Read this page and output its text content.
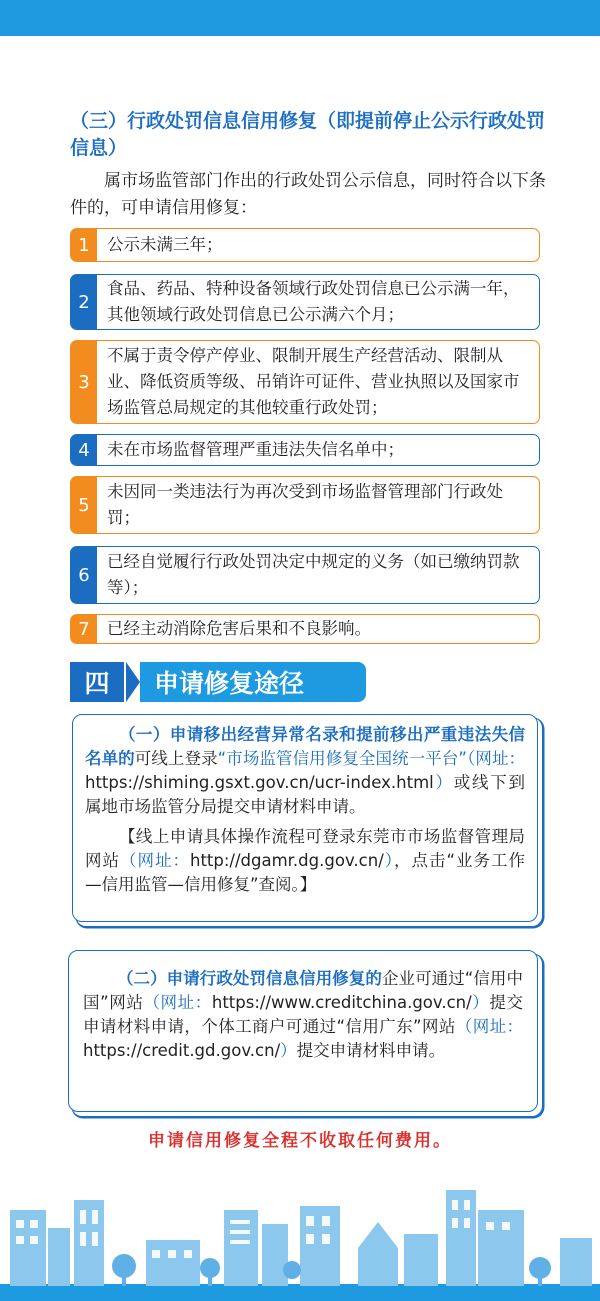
（三）行政处罚信息信用修复（即提前停止公示行政处罚信息）
属市场监管部门作出的行政处罚公示信息，同时符合以下条件的，可申请信用修复：
1	公示未满三年；
2
食品、药品、特种设备领域行政处罚信息已公示满一年，其他领域行政处罚信息已公示满六个月；
3
不属于责令停产停业、限制开展生产经营活动、限制从业、降低资质等级、吊销许可证件、营业执照以及国家市场监管总局规定的其他较重行政处罚；
4	未在市场监督管理严重违法失信名单中；
5
未因同一类违法行为再次受到市场监督管理部门行政处罚；
6
已经自觉履行行政处罚决定中规定的义务（如已缴纳罚款等）；
7	已经主动消除危害后果和不良影响。
四	申请修复途径

（一）申请移出经营异常名录和提前移出严重违法失信名单的可线上登录“市场监管信用修复全国统一平台”（网址：https://shiming.gsxt.gov.cn/ucr-index.html）或线下到属地市场监管分局提交申请材料申请。

【线上申请具体操作流程可登录东莞市市场监督管理局网站（网址：http://dgamr.dg.gov.cn/），点击“业务工作—信用监管—信用修复”查阅。】

（二）申请行政处罚信息信用修复的企业可通过“信用中国”网站（网址：https://www.creditchina.gov.cn/）提交申请材料申请，个体工商户可通过“信用广东”网站（网址：https://credit.gd.gov.cn/）提交申请材料申请。

申请信用修复全程不收取任何费用。
